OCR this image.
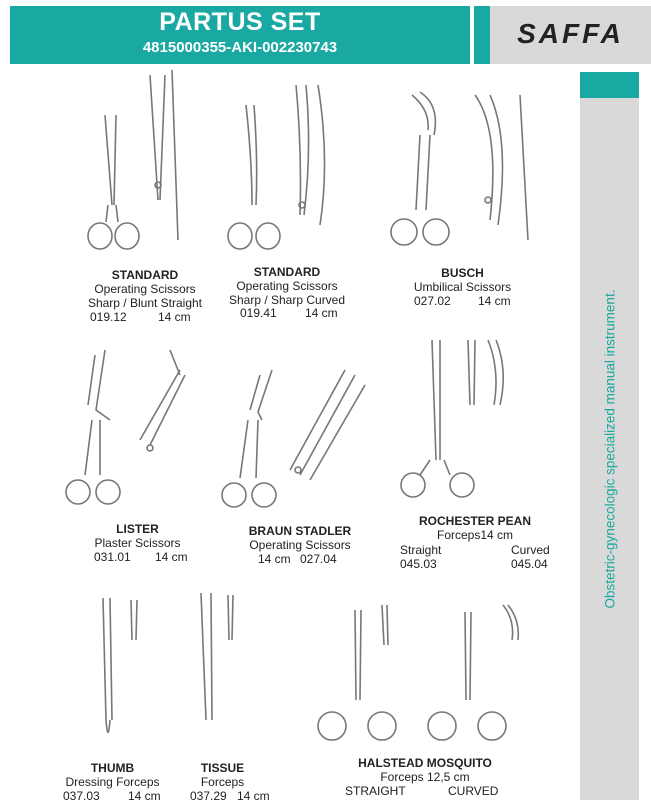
PARTUS SET
4815000355-AKI-002230743	SAFFA
Obstetric-gynecologic specialized manual instrument.
STANDARD
Operating Scissors
Sharp / Blunt Straight
019.12	14 cm
STANDARD
Operating Scissors
Sharp / Sharp Curved
019.41 14 cm
BUSCH
Umbilical Scissors
027.02 14 cm
LISTER
Plaster Scissors
031.01 14 cm
BRAUN STADLER
Operating Scissors
14 cm 027.04
ROCHESTER PEAN
Forceps14 cm
Straight	Curved
045.03	045.04
THUMB
Dressing Forceps
037.03 14 cm
TISSUE
Forceps
037.29 14 cm
HALSTEAD MOSQUITO
Forceps 12,5 cm
STRAIGHT	CURVED
